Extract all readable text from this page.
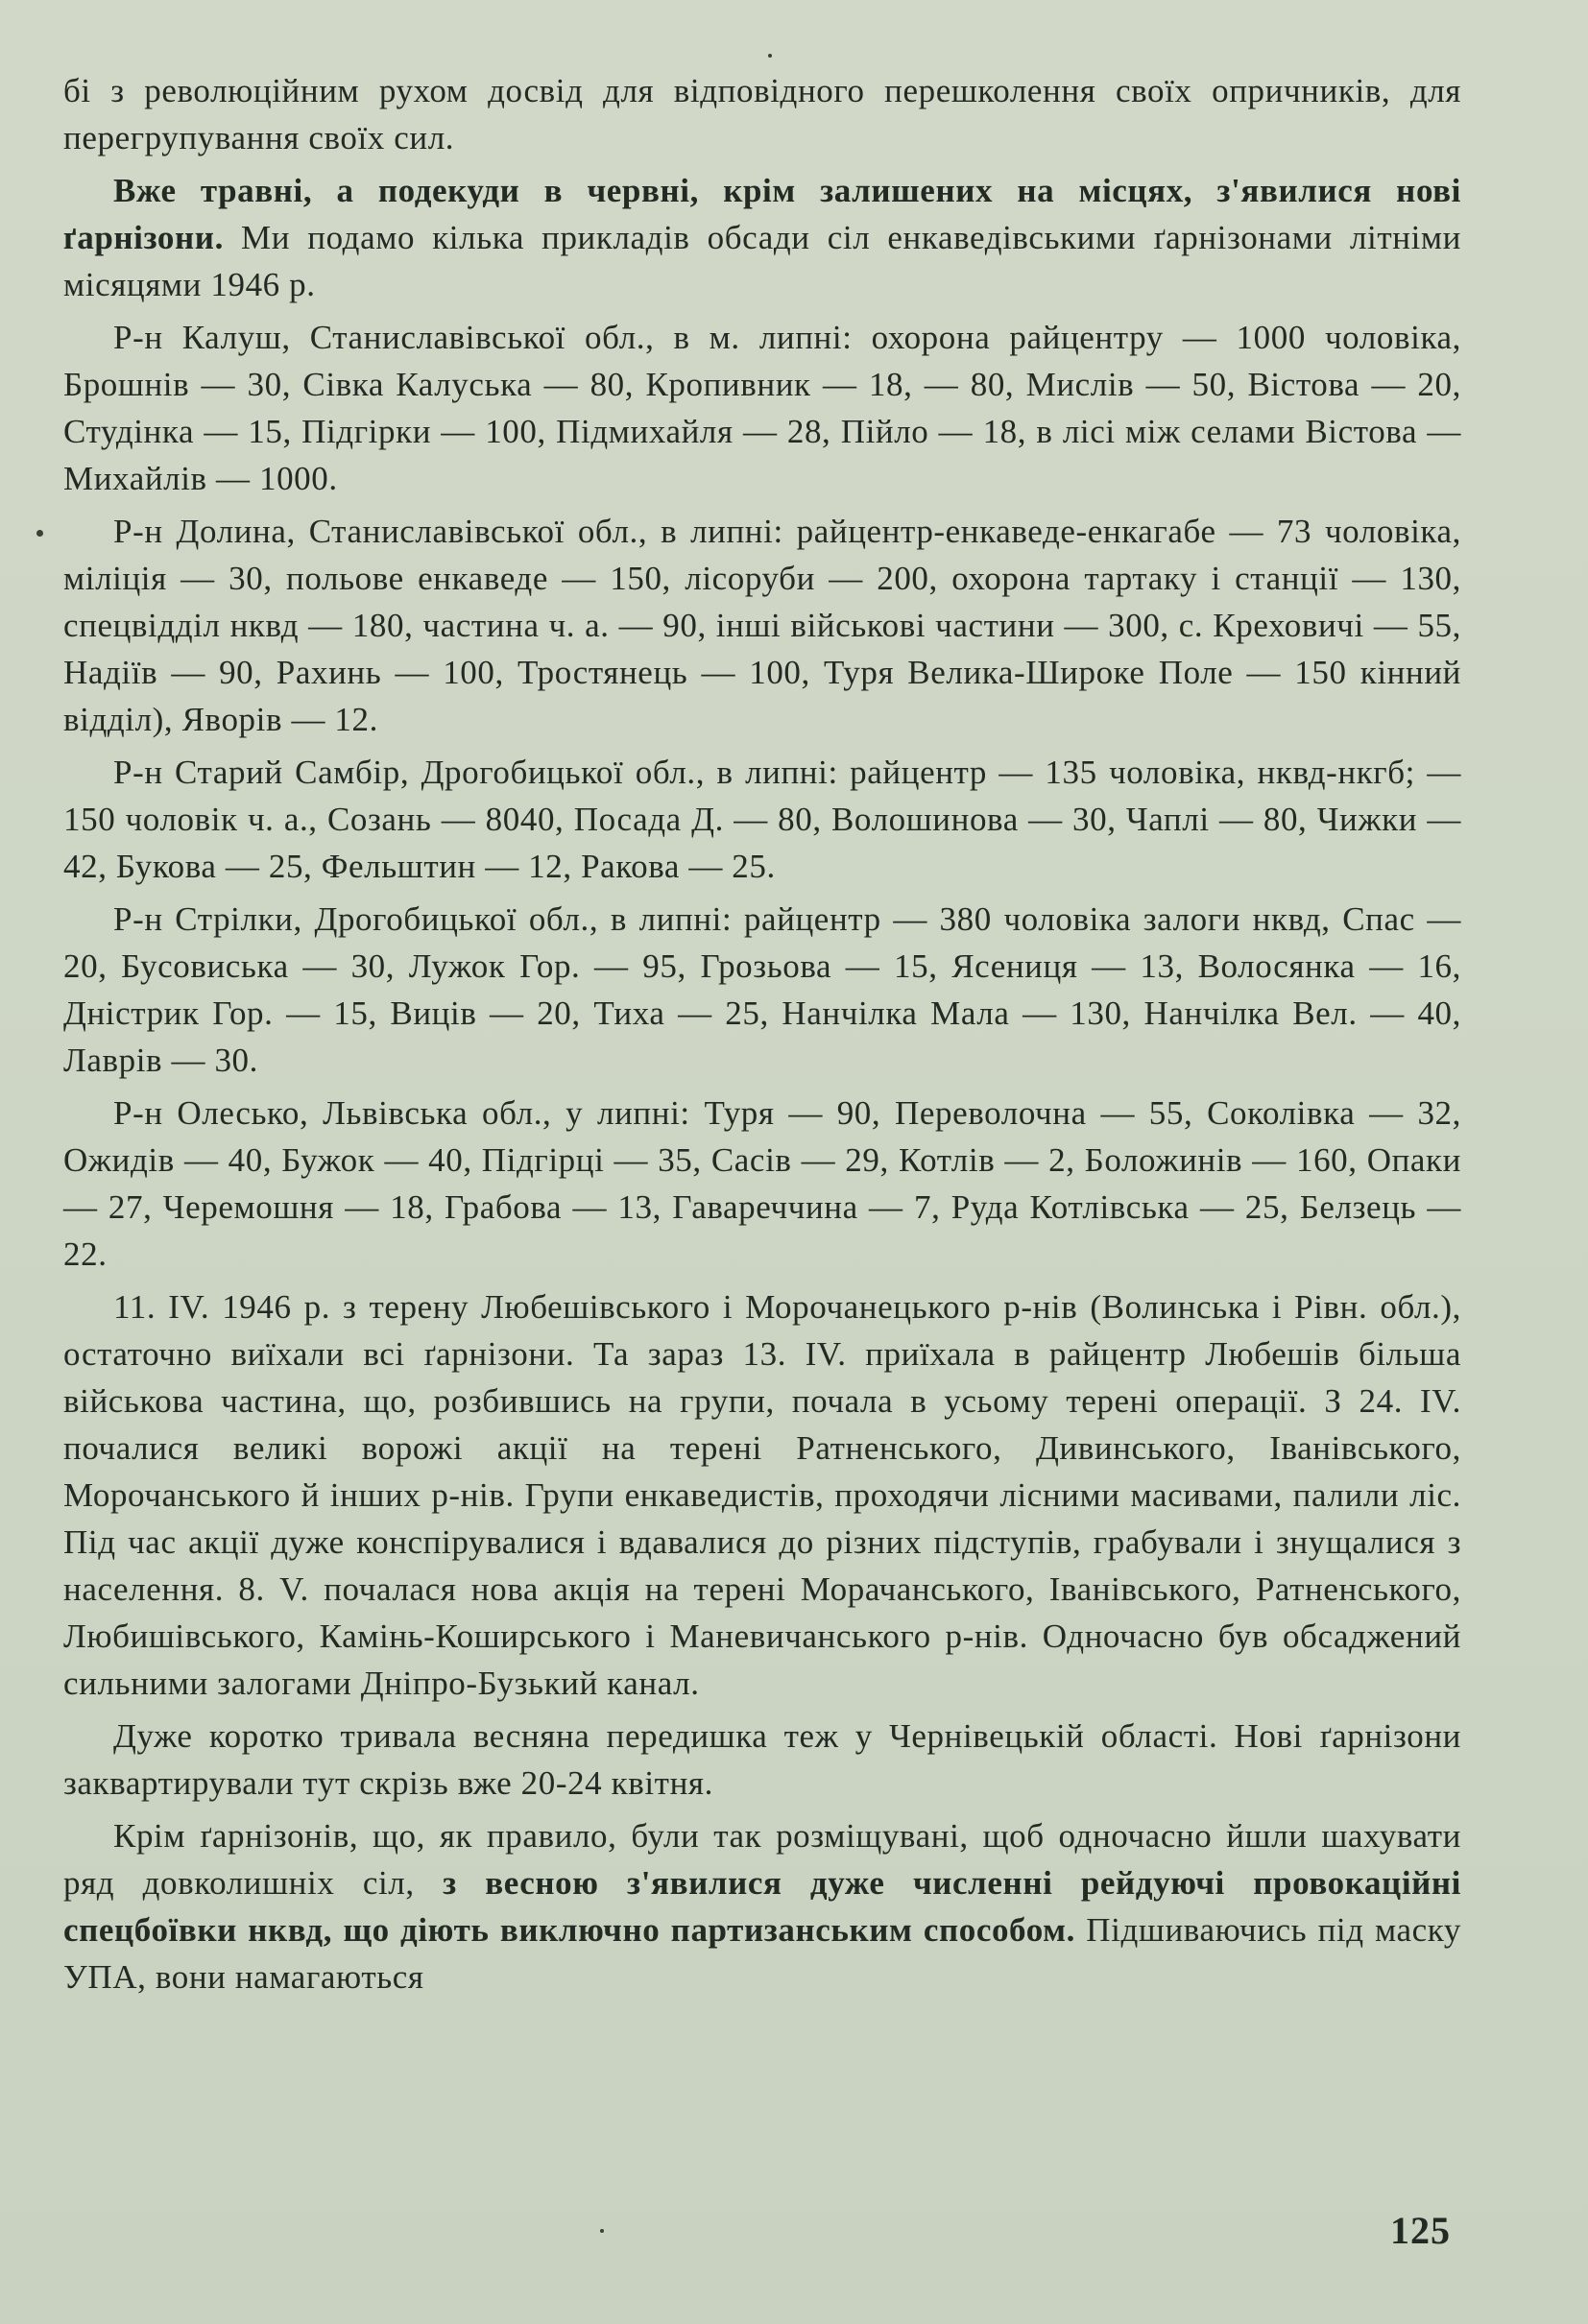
бі з революційним рухом досвід для відповідного перешколення своїх опричників, для перегрупування своїх сил.

Вже травні, а подекуди в червні, крім залишених на місцях, з'явилися нові ґарнізони. Ми подамо кілька прикладів обсади сіл енкаведівськими ґарнізонами літніми місяцями 1946 р.

Р-н Калуш, Станиславівської обл., в м. липні: охорона райцентру — 1000 чоловіка, Брошнів — 30, Сівка Калуська — 80, Кропивник — 18, — 80, Мислів — 50, Вістова — 20, Студінка — 15, Підгірки — 100, Підмихайля — 28, Пійло — 18, в лісі між селами Вістова — Михайлів — 1000.

Р-н Долина, Станиславівської обл., в липні: райцентр-енкаведе-енкагабе — 73 чоловіка, міліція — 30, польове енкаведе — 150, лісоруби — 200, охорона тартаку і станції — 130, спецвідділ нквд — 180, частина ч. а. — 90, інші військові частини — 300, с. Креховичі — 55, Надіїв — 90, Рахинь — 100, Тростянець — 100, Туря Велика-Широке Поле — 150 кінний відділ), Яворів — 12.

Р-н Старий Самбір, Дрогобицької обл., в липні: райцентр — 135 чоловіка, нквд-нкгб; — 150 чоловік ч. а., Созань — 8040, Посада Д. — 80, Волошинова — 30, Чаплі — 80, Чижки — 42, Букова — 25, Фельштин — 12, Ракова — 25.

Р-н Стрілки, Дрогобицької обл., в липні: райцентр — 380 чоловіка залоги нквд, Спас — 20, Бусовиська — 30, Лужок Гор. — 95, Грозьова — 15, Ясениця — 13, Волосянка — 16, Дністрик Гор. — 15, Виців — 20, Тиха — 25, Нанчілка Мала — 130, Нанчілка Вел. — 40, Лаврів — 30.

Р-н Олесько, Львівська обл., у липні: Туря — 90, Переволочна — 55, Соколівка — 32, Ожидів — 40, Бужок — 40, Підгірці — 35, Сасів — 29, Котлів — 2, Боложинів — 160, Опаки — 27, Черемошня — 18, Грабова — 13, Гавареччина — 7, Руда Котлівська — 25, Белзець — 22.

11. IV. 1946 р. з терену Любешівського і Морочанецького р-нів (Волинська і Рівн. обл.), остаточно виїхали всі ґарнізони. Та зараз 13. IV. приїхала в райцентр Любешів більша військова частина, що, розбившись на групи, почала в усьому терені операції. З 24. IV. почалися великі ворожі акції на терені Ратненського, Дивинського, Іванівського, Морочанського й інших р-нів. Групи енкаведистів, проходячи лісними масивами, палили ліс. Під час акції дуже конспірувалися і вдавалися до різних підступів, грабували і знущалися з населення. 8. V. почалася нова акція на терені Морачанського, Іванівського, Ратненського, Любишівського, Камінь-Коширського і Маневичанського р-нів. Одночасно був обсаджений сильними залогами Дніпро-Бузький канал.

Дуже коротко тривала весняна передишка теж у Чернівецькій області. Нові ґарнізони заквартирували тут скрізь вже 20-24 квітня.

Крім ґарнізонів, що, як правило, були так розміщувані, щоб одночасно йшли шахувати ряд довколишніх сіл, з весною з'явилися дуже численні рейдуючі провокаційні спецбоївки нквд, що діють виключно партизанським способом. Підшиваючись під маску УПА, вони намагаються

125
